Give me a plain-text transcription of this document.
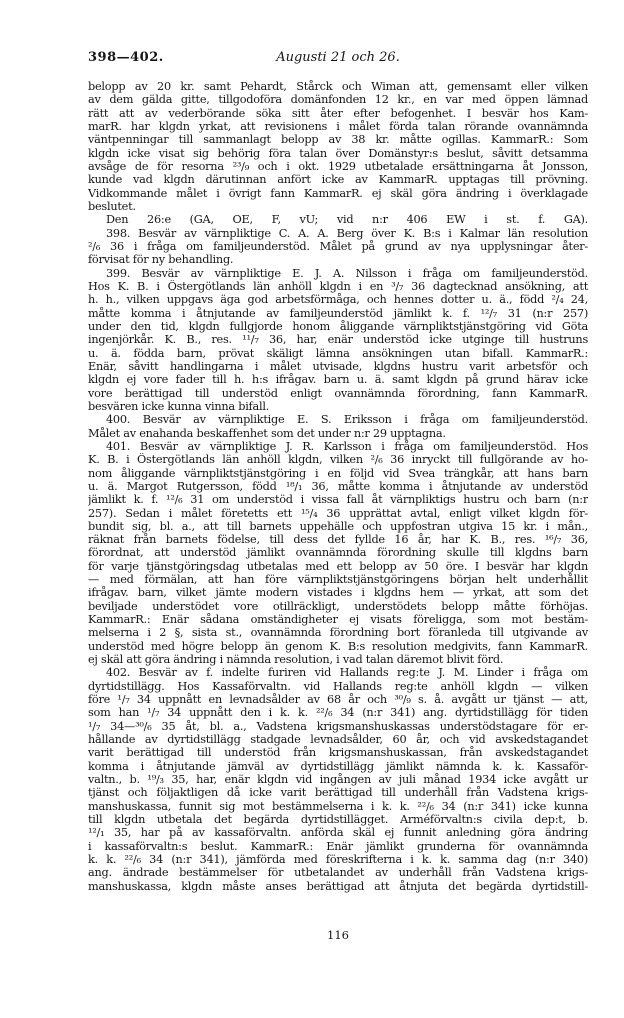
398—402.	Augusti 21 och 26.
belopp av 20 kr. samt Pehardt, Stårck och Wiman att, gemensamt eller vilken
av dem gälda gitte, tillgodoföra domänfonden 12 kr., en var med öppen lämnad
rätt att av vederbörande söka sitt åter efter befogenhet. I besvär hos Kam-
marR. har klgdn yrkat, att revisionens i målet förda talan rörande ovannämnda
väntpenningar till sammanlagt belopp av 38 kr. måtte ogillas. KammarR.: Som
klgdn icke visat sig behörig föra talan över Domänstyr:s beslut, såvitt detsamma
avsåge de för resorna ²³/₉ och i okt. 1929 utbetalade ersättningarna åt Jonsson,
kunde vad klgdn därutinnan anfört icke av KammarR. upptagas till prövning.
Vidkommande målet i övrigt fann KammarR. ej skäl göra ändring i överklagade
beslutet.
Den 26:e (GA, OE, F, vU; vid n:r 406 EW i st. f. GA).
398. Besvär av värnpliktige C. A. A. Berg över K. B:s i Kalmar län resolution
²/₆ 36 i fråga om familjeunderstöd. Målet på grund av nya upplysningar åter-
förvisat för ny behandling.
399. Besvär av värnpliktige E. J. A. Nilsson i fråga om familjeunderstöd.
Hos K. B. i Östergötlands län anhöll klgdn i en ³/₇ 36 dagtecknad ansökning, att
h. h., vilken uppgavs äga god arbetsförmåga, och hennes dotter u. ä., född ²/₄ 24,
måtte komma i åtnjutande av familjeunderstöd jämlikt k. f. ¹²/₇ 31 (n:r 257)
under den tid, klgdn fullgjorde honom åliggande värnpliktstjänstgöring vid Göta
ingenjörkår. K. B., res. ¹¹/₇ 36, har, enär understöd icke utginge till hustruns
u. ä. födda barn, prövat skäligt lämna ansökningen utan bifall. KammarR.:
Enär, såvitt handlingarna i målet utvisade, klgdns hustru varit arbetsför och
klgdn ej vore fader till h. h:s ifrågav. barn u. ä. samt klgdn på grund härav icke
vore berättigad till understöd enligt ovannämnda förordning, fann KammarR.
besvären icke kunna vinna bifall.
400. Besvär av värnpliktige E. S. Eriksson i fråga om familjeunderstöd.
Målet av enahanda beskaffenhet som det under n:r 29 upptagna.
401. Besvär av värnpliktige J. R. Karlsson i fråga om familjeunderstöd. Hos
K. B. i Östergötlands län anhöll klgdn, vilken ²/₆ 36 inryckt till fullgörande av ho-
nom åliggande värnpliktstjänstgöring i en följd vid Svea trängkår, att hans barn
u. ä. Margot Rutgersson, född ¹⁸/₁ 36, måtte komma i åtnjutande av understöd
jämlikt k. f. ¹²/₆ 31 om understöd i vissa fall åt värnpliktigs hustru och barn (n:r
257). Sedan i målet företetts ett ¹⁵/₄ 36 upprättat avtal, enligt vilket klgdn för-
bundit sig, bl. a., att till barnets uppehälle och uppfostran utgiva 15 kr. i mån.,
räknat från barnets födelse, till dess det fyllde 16 år, har K. B., res. ¹⁶/₇ 36,
förordnat, att understöd jämlikt ovannämnda förordning skulle till klgdns barn
för varje tjänstgöringsdag utbetalas med ett belopp av 50 öre. I besvär har klgdn
— med förmälan, att han före värnpliktstjänstgöringens början helt underhållit
ifrågav. barn, vilket jämte modern vistades i klgdns hem — yrkat, att som det
beviljade understödet vore otillräckligt, understödets belopp måtte förhöjas.
KammarR.: Enär sådana omständigheter ej visats föreligga, som mot bestäm-
melserna i 2 §, sista st., ovannämnda förordning bort föranleda till utgivande av
understöd med högre belopp än genom K. B:s resolution medgivits, fann KammarR.
ej skäl att göra ändring i nämnda resolution, i vad talan däremot blivit förd.
402. Besvär av f. indelte furiren vid Hallands reg:te J. M. Linder i fråga om
dyrtidstillägg. Hos Kassaförvaltn. vid Hallands reg:te anhöll klgdn — vilken
före ¹/₇ 34 uppnått en levnadsålder av 68 år och ³⁰/₉ s. å. avgått ur tjänst — att,
som han ¹/₇ 34 uppnått den i k. k. ²²/₆ 34 (n:r 341) ang. dyrtidstillägg för tiden
¹/₇ 34—³⁰/₆ 35 åt, bl. a., Vadstena krigsmanshuskassas understödstagare för er-
hållande av dyrtidstillägg stadgade levnadsålder, 60 år, och vid avskedstagandet
varit berättigad till understöd från krigsmanshuskassan, från avskedstagandet
komma i åtnjutande jämväl av dyrtidstillägg jämlikt nämnda k. k. Kassaför-
valtn., b. ¹⁹/₃ 35, har, enär klgdn vid ingången av juli månad 1934 icke avgått ur
tjänst och följaktligen då icke varit berättigad till underhåll från Vadstena krigs-
manshuskassa, funnit sig mot bestämmelserna i k. k. ²²/₆ 34 (n:r 341) icke kunna
till klgdn utbetala det begärda dyrtidstillägget. Arméförvaltn:s civila dep:t, b.
¹²/₁ 35, har på av kassaförvaltn. anförda skäl ej funnit anledning göra ändring
i kassaförvaltn:s beslut. KammarR.: Enär jämlikt grunderna för ovannämnda
k. k. ²²/₆ 34 (n:r 341), jämförda med föreskrifterna i k. k. samma dag (n:r 340)
ang. ändrade bestämmelser för utbetalandet av underhåll från Vadstena krigs-
manshuskassa, klgdn måste anses berättigad att åtnjuta det begärda dyrtidstill-
116
